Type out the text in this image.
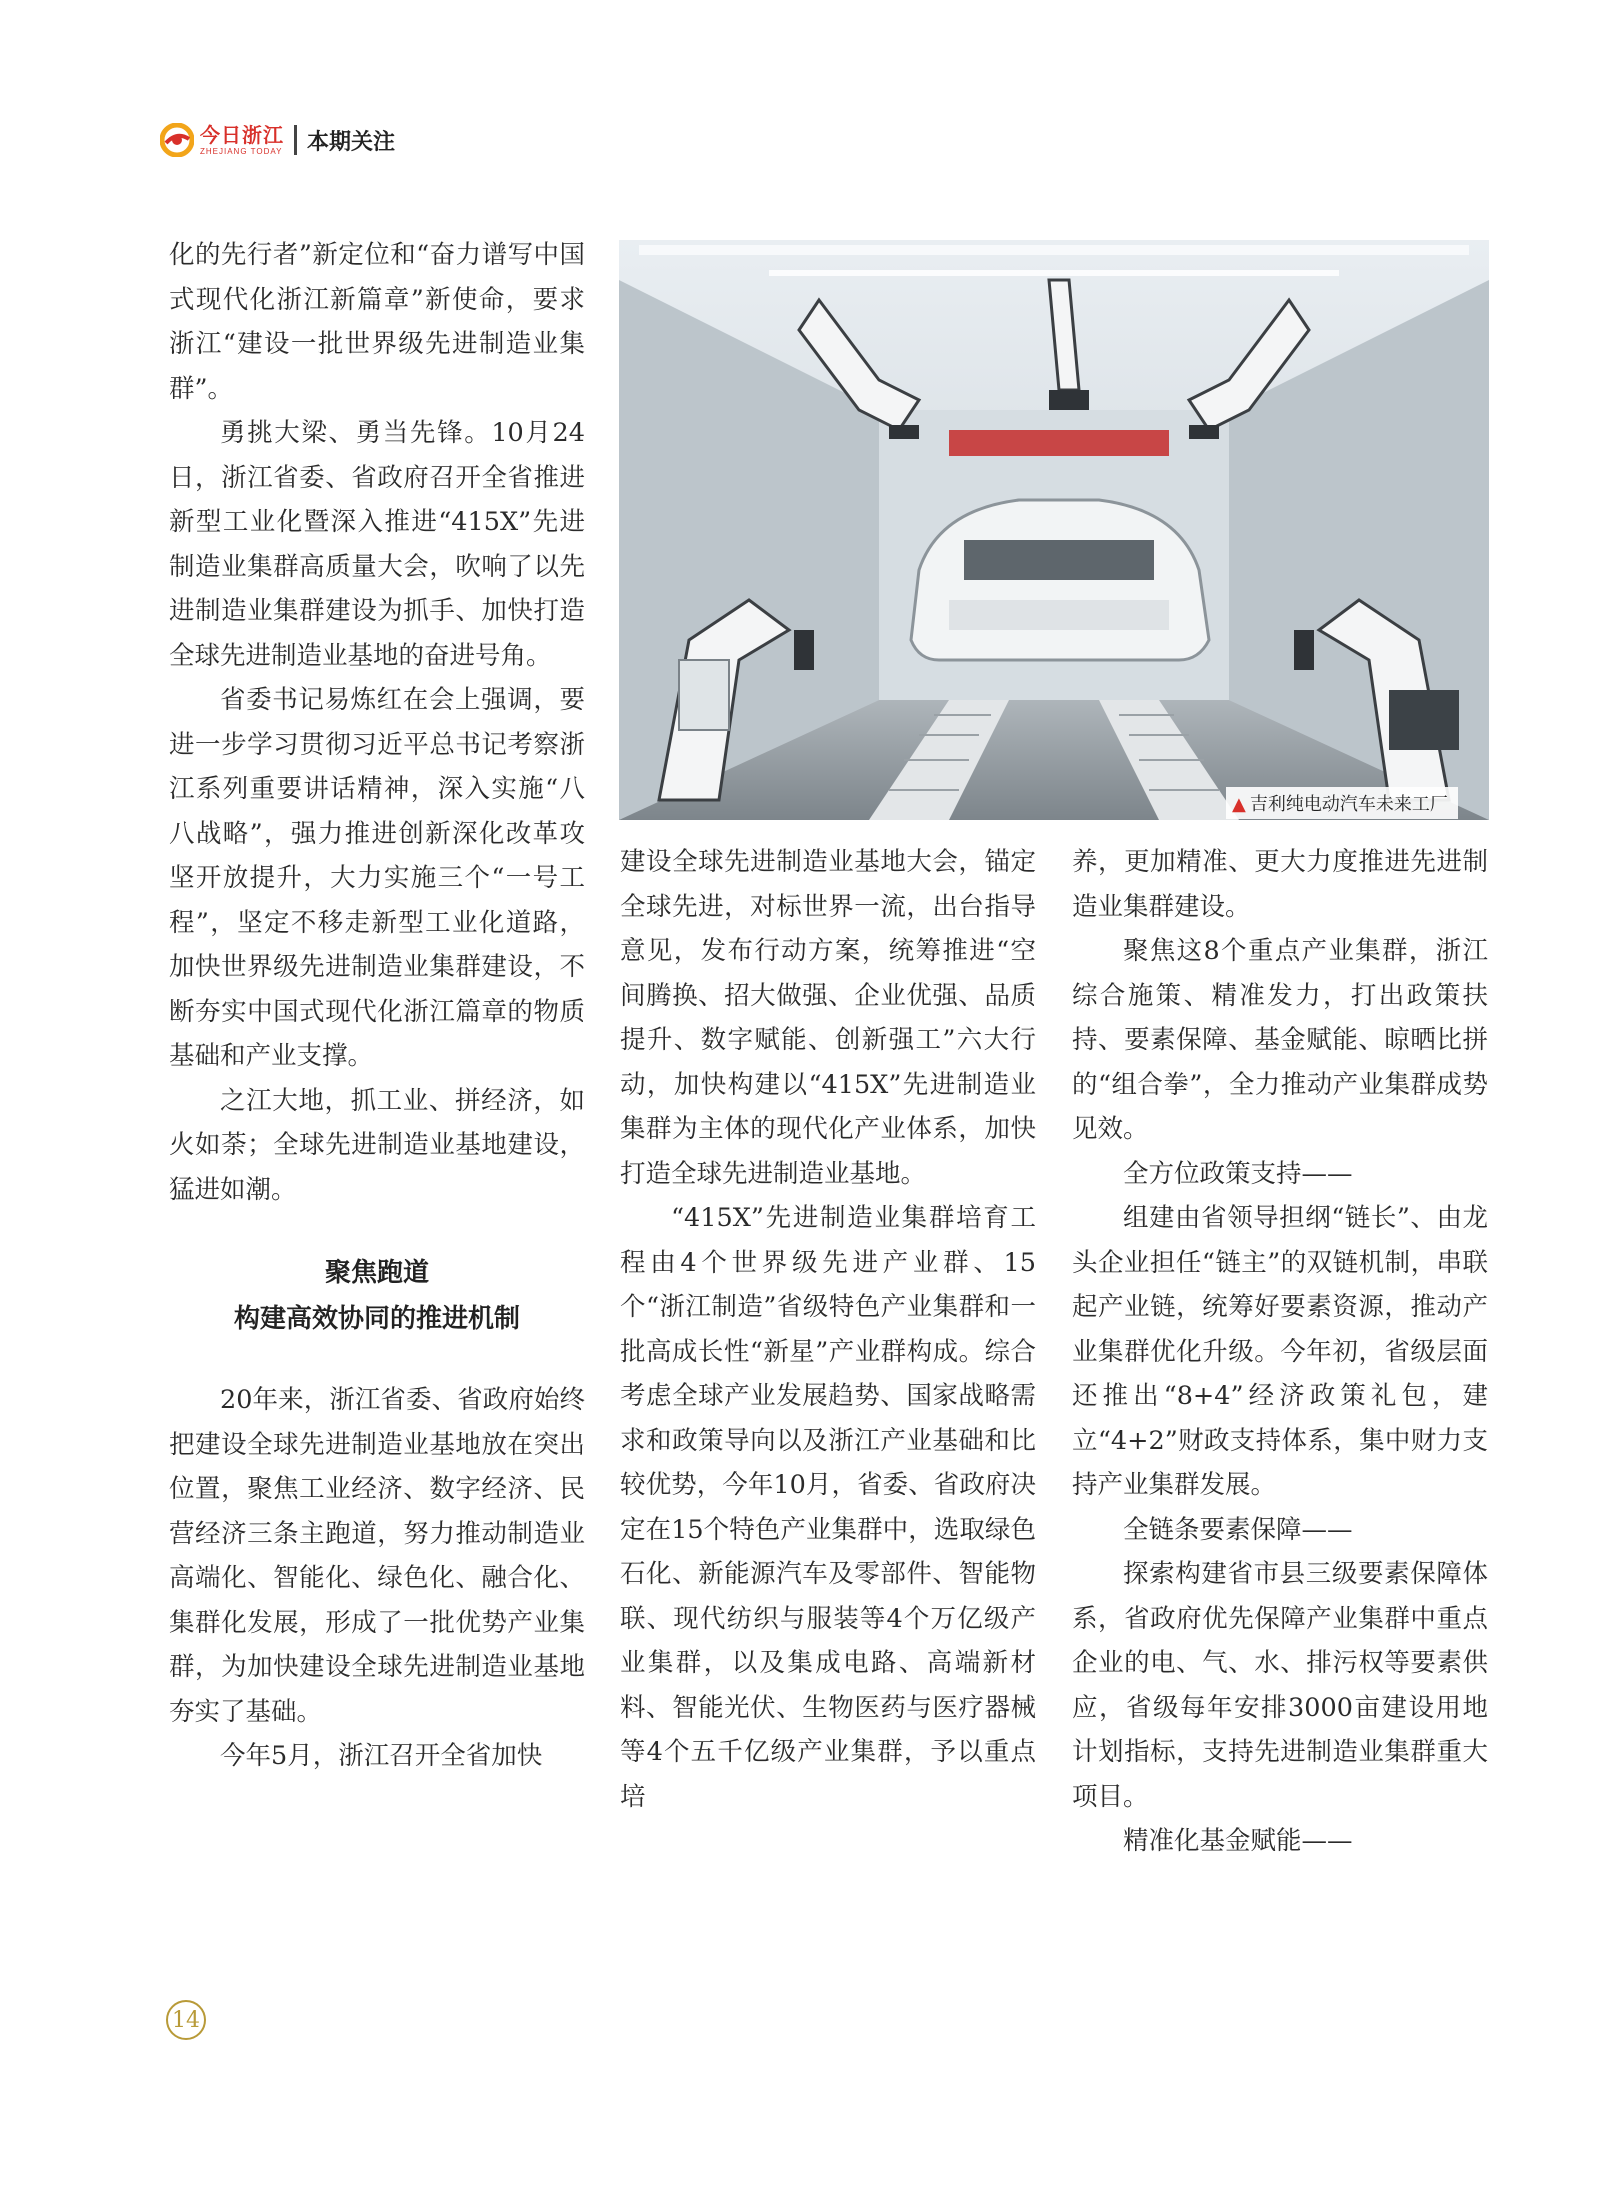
今日浙江
ZHEJIANG TODAY 本期关注

化的先行者”新定位和“奋力谱写中国式现代化浙江新篇章”新使命，要求浙江“建设一批世界级先进制造业集群”。

勇挑大梁、勇当先锋。10月24日，浙江省委、省政府召开全省推进新型工业化暨深入推进“415X”先进制造业集群高质量大会，吹响了以先进制造业集群建设为抓手、加快打造全球先进制造业基地的奋进号角。

省委书记易炼红在会上强调，要进一步学习贯彻习近平总书记考察浙江系列重要讲话精神，深入实施“八八战略”，强力推进创新深化改革攻坚开放提升，大力实施三个“一号工程”，坚定不移走新型工业化道路，加快世界级先进制造业集群建设，不断夯实中国式现代化浙江篇章的物质基础和产业支撑。

之江大地，抓工业、拼经济，如火如荼；全球先进制造业基地建设，猛进如潮。

聚焦跑道
构建高效协同的推进机制

20年来，浙江省委、省政府始终把建设全球先进制造业基地放在突出位置，聚焦工业经济、数字经济、民营经济三条主跑道，努力推动制造业高端化、智能化、绿色化、融合化、集群化发展，形成了一批优势产业集群，为加快建设全球先进制造业基地夯实了基础。

今年5月，浙江召开全省加快

▲ 吉利纯电动汽车未来工厂

建设全球先进制造业基地大会，锚定全球先进，对标世界一流，出台指导意见，发布行动方案，统筹推进“空间腾换、招大做强、企业优强、品质提升、数字赋能、创新强工”六大行动，加快构建以“415X”先进制造业集群为主体的现代化产业体系，加快打造全球先进制造业基地。

“415X”先进制造业集群培育工程由4个世界级先进产业群、15个“浙江制造”省级特色产业集群和一批高成长性“新星”产业群构成。综合考虑全球产业发展趋势、国家战略需求和政策导向以及浙江产业基础和比较优势，今年10月，省委、省政府决定在15个特色产业集群中，选取绿色石化、新能源汽车及零部件、智能物联、现代纺织与服装等4个万亿级产业集群，以及集成电路、高端新材料、智能光伏、生物医药与医疗器械等4个五千亿级产业集群，予以重点培

养，更加精准、更大力度推进先进制造业集群建设。

聚焦这8个重点产业集群，浙江综合施策、精准发力，打出政策扶持、要素保障、基金赋能、晾晒比拼的“组合拳”，全力推动产业集群成势见效。

全方位政策支持——

组建由省领导担纲“链长”、由龙头企业担任“链主”的双链机制，串联起产业链，统筹好要素资源，推动产业集群优化升级。今年初，省级层面还推出“8+4”经济政策礼包，建立“4+2”财政支持体系，集中财力支持产业集群发展。

全链条要素保障——

探索构建省市县三级要素保障体系，省政府优先保障产业集群中重点企业的电、气、水、排污权等要素供应，省级每年安排3000亩建设用地计划指标，支持先进制造业集群重大项目。

精准化基金赋能——

14
